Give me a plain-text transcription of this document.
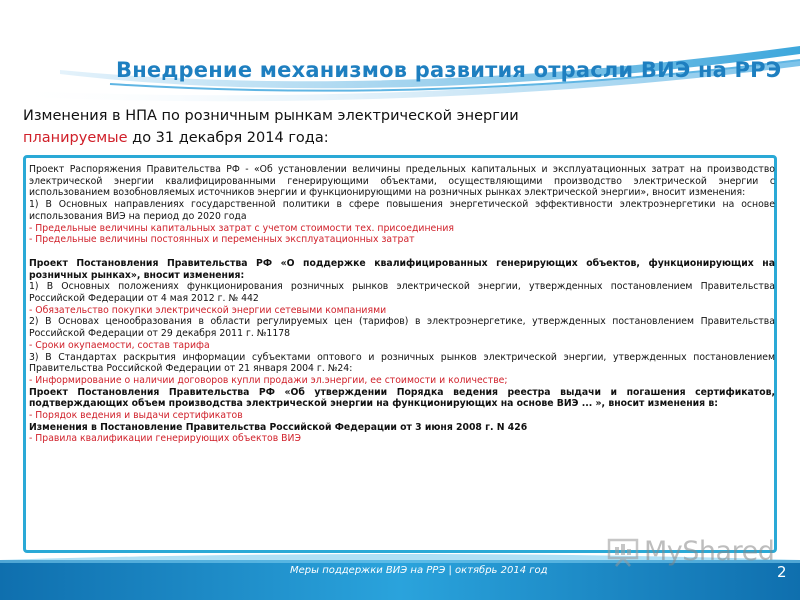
Внедрение механизмов развития отрасли ВИЭ на РРЭ
Изменения в НПА по розничным рынкам электрической энергии
планируемые до 31 декабря 2014 года:

Проект Распоряжения Правительства РФ - «Об установлении величины предельных капитальных и эксплуатационных затрат на производство электрической энергии квалифицированными генерирующими объектами, осуществляющими производство электрической энергии с использованием возобновляемых источников энергии и функционирующими на розничных рынках электрической энергии», вносит изменения:

1) В Основных направлениях государственной политики в сфере повышения энергетической эффективности электроэнергетики на основе использования ВИЭ на период до 2020 года

- Предельные величины капитальных затрат с учетом стоимости тех. присоединения

- Предельные величины постоянных и переменных эксплуатационных затрат

Проект Постановления Правительства РФ «О поддержке квалифицированных генерирующих объектов, функционирующих на розничных рынках», вносит изменения:

1) В Основных положениях функционирования розничных рынков электрической энергии, утвержденных постановлением Правительства Российской Федерации от 4 мая 2012 г. № 442

- Обязательство покупки электрической энергии сетевыми компаниями

2) В Основах ценообразования в области регулируемых цен (тарифов) в электроэнергетике, утвержденных постановлением Правительства Российской Федерации от 29 декабря 2011 г. №1178

- Сроки окупаемости, состав тарифа

3) В Стандартах раскрытия информации субъектами оптового и розничных рынков электрической энергии, утвержденных постановлением Правительства Российской Федерации от 21 января 2004 г. №24:

- Информирование о наличии договоров купли продажи эл.энергии, ее стоимости и количестве;

Проект Постановления Правительства РФ «Об утверждении Порядка ведения реестра выдачи и погашения сертификатов, подтверждающих объем производства электрической энергии на функционирующих на основе ВИЭ ... », вносит изменения в:

- Порядок ведения и выдачи сертификатов

Изменения в Постановление Правительства Российской Федерации от 3 июня 2008 г. N 426

- Правила квалификации генерирующих объектов ВИЭ

MyShared
Меры поддержки ВИЭ на РРЭ | октябрь 2014 год	2
